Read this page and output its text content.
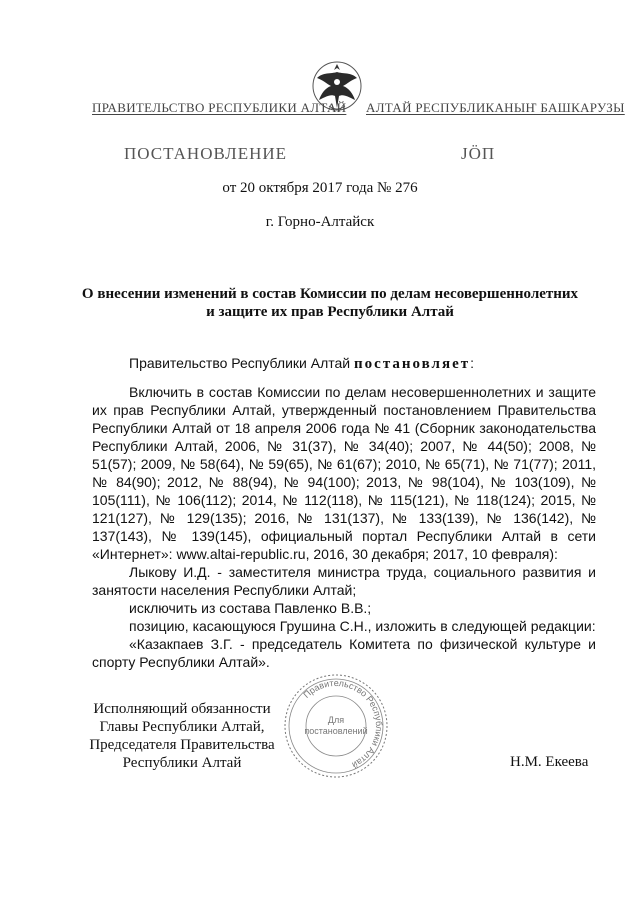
ПРАВИТЕЛЬСТВО РЕСПУБЛИКИ АЛТАЙ АЛТАЙ РЕСПУБЛИКАНЫҤ БАШКАРУЗЫ
ПОСТАНОВЛЕНИЕ	ЈÖП
от 20 октября 2017 года № 276
г. Горно-Алтайск
О внесении изменений в состав Комиссии по делам несовершеннолетних
и защите их прав Республики Алтай
Правительство Республики Алтай постановляет:

Включить в состав Комиссии по делам несовершеннолетних и защите их прав Республики Алтай, утвержденный постановлением Правительства Республики Алтай от 18 апреля 2006 года № 41 (Сборник законодательства Республики Алтай, 2006, № 31(37), № 34(40); 2007, № 44(50); 2008, № 51(57); 2009, № 58(64), № 59(65), № 61(67); 2010, № 65(71), № 71(77); 2011, № 84(90); 2012, № 88(94), № 94(100); 2013, № 98(104), № 103(109), № 105(111), № 106(112); 2014, № 112(118), № 115(121), № 118(124); 2015, № 121(127), № 129(135); 2016, № 131(137), № 133(139), № 136(142), № 137(143), № 139(145), официальный портал Республики Алтай в сети «Интернет»: www.altai-republic.ru, 2016, 30 декабря; 2017, 10 февраля):

Лыкову И.Д. - заместителя министра труда, социального развития и занятости населения Республики Алтай;

исключить из состава Павленко В.В.;

позицию, касающуюся Грушина С.Н., изложить в следующей редакции:

«Казакпаев З.Г. - председатель Комитета по физической культуре и спорту Республики Алтай».

Правительство Республики Алтай
Для
постановлений
Исполняющий обязанности
Главы Республики Алтай,
Председателя Правительства
Республики Алтай	Н.М. Екеева
